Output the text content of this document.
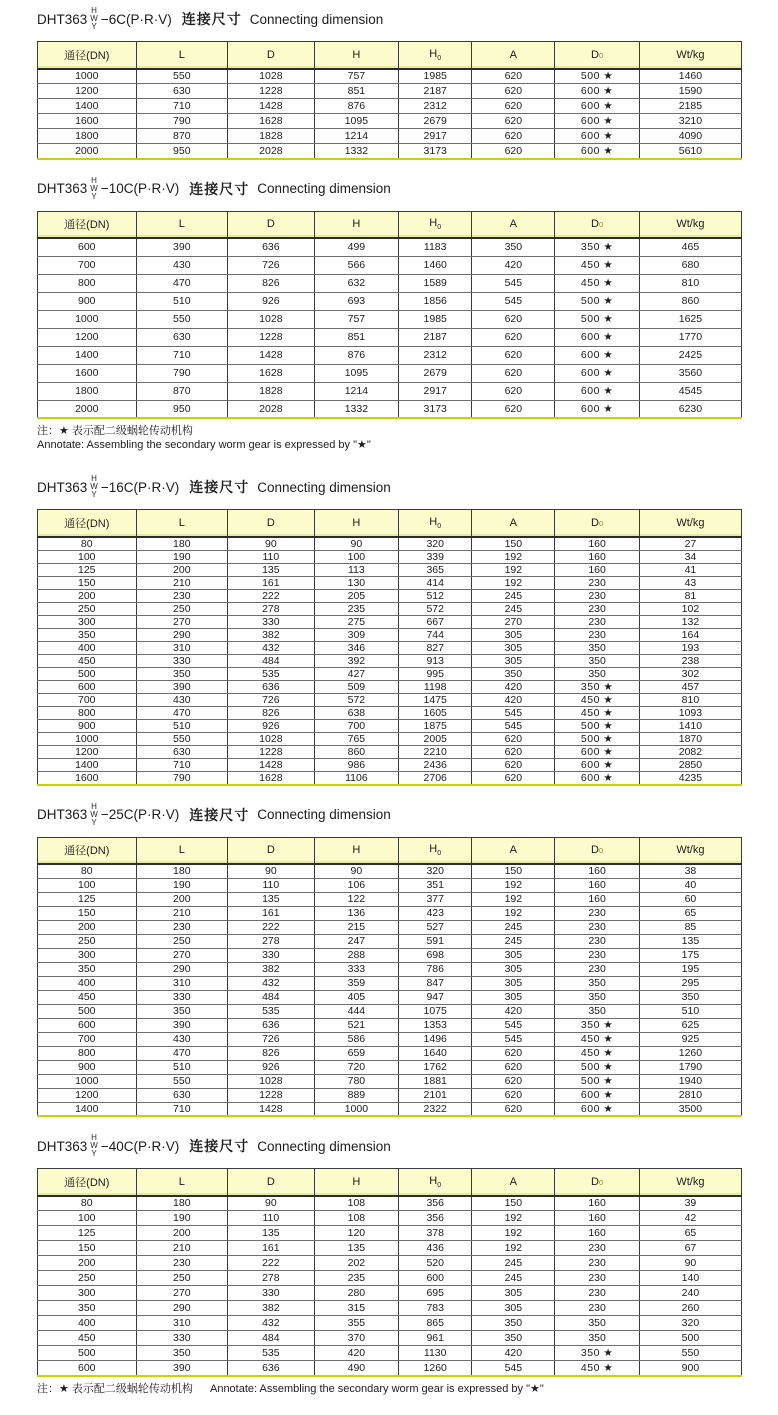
DHT363
H
W
Y −6C(P·R·V) 连接尺寸 Connecting dimension
通径(DN)	L	D	H	$H_0$	A	D0	Wt/kg
1000	550	1028	757	1985	620	500 ★	1460
1200	630	1228	851	2187	620	600 ★	1590
1400	710	1428	876	2312	620	600 ★	2185
1600	790	1628	1095	2679	620	600 ★	3210
1800	870	1828	1214	2917	620	600 ★	4090
2000	950	2028	1332	3173	620	600 ★	5610
DHT363
H
W
Y −10C(P·R·V) 连接尺寸 Connecting dimension
通径(DN)	L	D	H	$H_0$	A	D0	Wt/kg
600	390	636	499	1183	350	350 ★	465
700	430	726	566	1460	420	450 ★	680
800	470	826	632	1589	545	450 ★	810
900	510	926	693	1856	545	500 ★	860
1000	550	1028	757	1985	620	500 ★	1625
1200	630	1228	851	2187	620	600 ★	1770
1400	710	1428	876	2312	620	600 ★	2425
1600	790	1628	1095	2679	620	600 ★	3560
1800	870	1828	1214	2917	620	600 ★	4545
2000	950	2028	1332	3173	620	600 ★	6230
注：★ 表示配二级蜗轮传动机构
Annotate: Assembling the secondary worm gear is expressed by "★"
DHT363
H
W
Y −16C(P·R·V) 连接尺寸 Connecting dimension
通径(DN)	L	D	H	$H_0$	A	D0	Wt/kg
80	180	90	90	320	150	160	27
100	190	110	100	339	192	160	34
125	200	135	113	365	192	160	41
150	210	161	130	414	192	230	43
200	230	222	205	512	245	230	81
250	250	278	235	572	245	230	102
300	270	330	275	667	270	230	132
350	290	382	309	744	305	230	164
400	310	432	346	827	305	350	193
450	330	484	392	913	305	350	238
500	350	535	427	995	350	350	302
600	390	636	509	1198	420	350 ★	457
700	430	726	572	1475	420	450 ★	810
800	470	826	638	1605	545	450 ★	1093
900	510	926	700	1875	545	500 ★	1410
1000	550	1028	765	2005	620	500 ★	1870
1200	630	1228	860	2210	620	600 ★	2082
1400	710	1428	986	2436	620	600 ★	2850
1600	790	1628	1106	2706	620	600 ★	4235
DHT363
H
W
Y −25C(P·R·V) 连接尺寸 Connecting dimension
通径(DN)	L	D	H	$H_0$	A	D0	Wt/kg
80	180	90	90	320	150	160	38
100	190	110	106	351	192	160	40
125	200	135	122	377	192	160	60
150	210	161	136	423	192	230	65
200	230	222	215	527	245	230	85
250	250	278	247	591	245	230	135
300	270	330	288	698	305	230	175
350	290	382	333	786	305	230	195
400	310	432	359	847	305	350	295
450	330	484	405	947	305	350	350
500	350	535	444	1075	420	350	510
600	390	636	521	1353	545	350 ★	625
700	430	726	586	1496	545	450 ★	925
800	470	826	659	1640	620	450 ★	1260
900	510	926	720	1762	620	500 ★	1790
1000	550	1028	780	1881	620	500 ★	1940
1200	630	1228	889	2101	620	600 ★	2810
1400	710	1428	1000	2322	620	600 ★	3500
DHT363
H
W
Y −40C(P·R·V) 连接尺寸 Connecting dimension
通径(DN)	L	D	H	$H_0$	A	D0	Wt/kg
80	180	90	108	356	150	160	39
100	190	110	108	356	192	160	42
125	200	135	120	378	192	160	65
150	210	161	135	436	192	230	67
200	230	222	202	520	245	230	90
250	250	278	235	600	245	230	140
300	270	330	280	695	305	230	240
350	290	382	315	783	305	230	260
400	310	432	355	865	350	350	320
450	330	484	370	961	350	350	500
500	350	535	420	1130	420	350 ★	550
600	390	636	490	1260	545	450 ★	900
注：★ 表示配二级蜗轮传动机构 Annotate: Assembling the secondary worm gear is expressed by "★"
